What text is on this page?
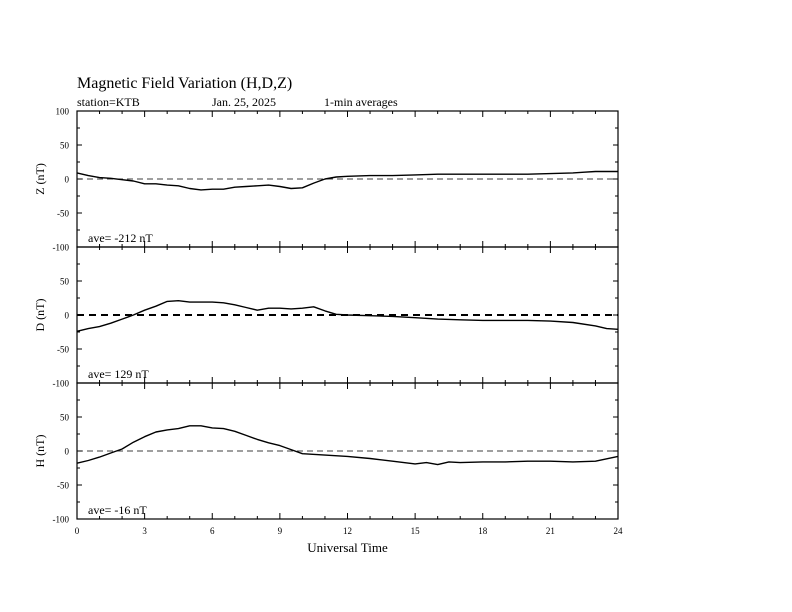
Magnetic Field Variation (H,D,Z)
station=KTB	Jan. 25, 2025	1-min averages
100
50
0
-50
-100
Z (nT)
ave= -212 nT
50
0
-50
-100
D (nT)
ave= 129 nT
50
0
-50
-100
H (nT)
ave= -16 nT
0	3	6	9	12	15	18	21	24
Universal Time
